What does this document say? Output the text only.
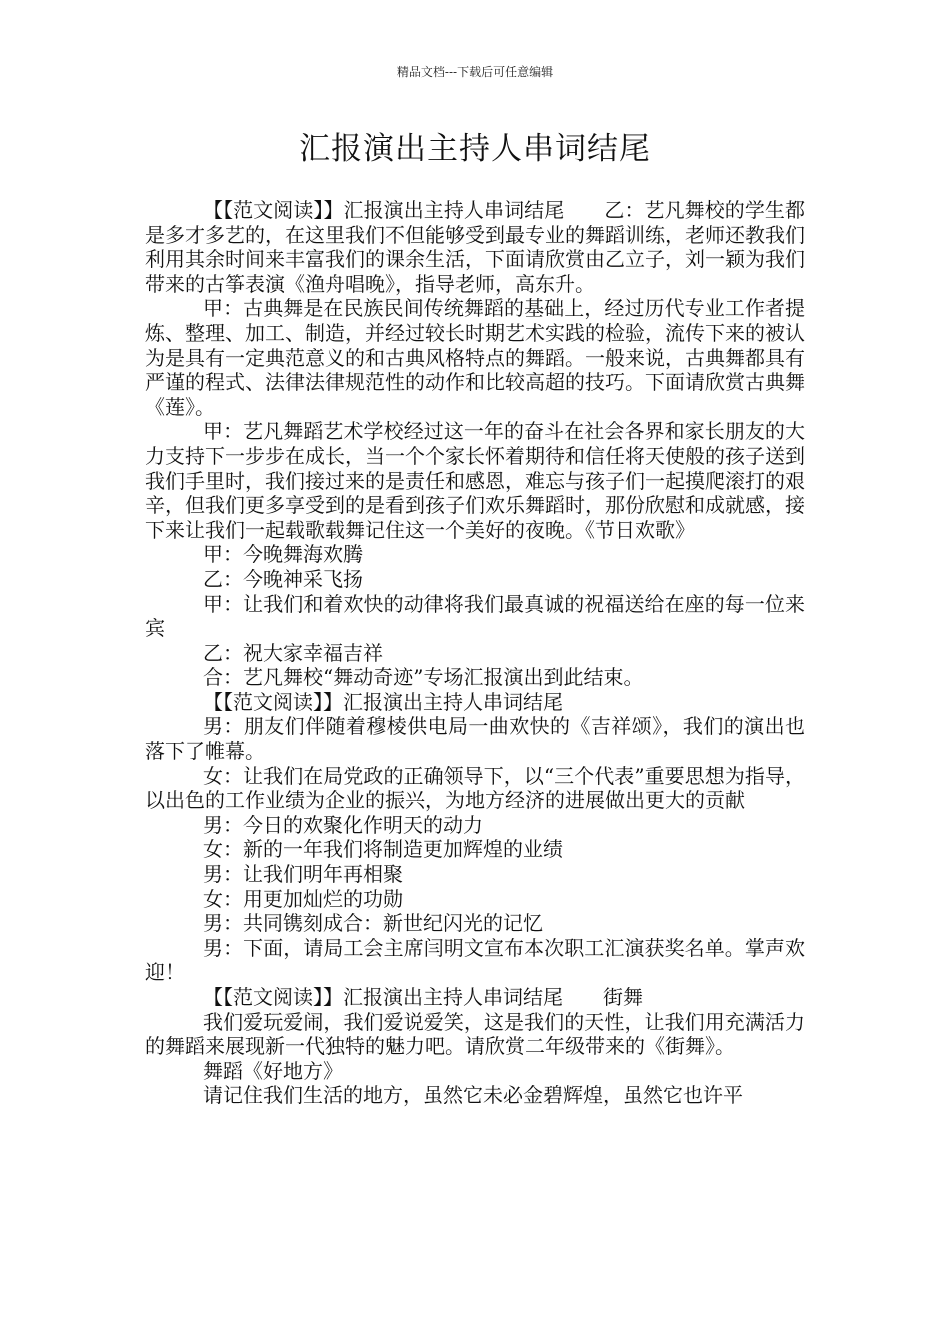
精品文档---下载后可任意编辑
汇报演出主持人串词结尾

【【范文阅读】】汇报演出主持人串词结尾　　乙：艺凡舞校的学生都是多才多艺的，在这里我们不但能够受到最专业的舞蹈训练，老师还教我们利用其余时间来丰富我们的课余生活，下面请欣赏由乙立子，刘一颖为我们带来的古筝表演《渔舟唱晚》，指导老师，高东升。

甲：古典舞是在民族民间传统舞蹈的基础上，经过历代专业工作者提炼、整理、加工、制造，并经过较长时期艺术实践的检验，流传下来的被认为是具有一定典范意义的和古典风格特点的舞蹈。一般来说，古典舞都具有严谨的程式、法律法律规范性的动作和比较高超的技巧。下面请欣赏古典舞《莲》。

甲：艺凡舞蹈艺术学校经过这一年的奋斗在社会各界和家长朋友的大力支持下一步步在成长，当一个个家长怀着期待和信任将天使般的孩子送到我们手里时，我们接过来的是责任和感恩，难忘与孩子们一起摸爬滚打的艰辛，但我们更多享受到的是看到孩子们欢乐舞蹈时，那份欣慰和成就感，接下来让我们一起载歌载舞记住这一个美好的夜晚。《节日欢歌》

甲：今晚舞海欢腾

乙：今晚神采飞扬

甲：让我们和着欢快的动律将我们最真诚的祝福送给在座的每一位来宾

乙：祝大家幸福吉祥

合：艺凡舞校“舞动奇迹”专场汇报演出到此结束。

【【范文阅读】】汇报演出主持人串词结尾

男：朋友们伴随着穆棱供电局一曲欢快的《吉祥颂》，我们的演出也落下了帷幕。

女：让我们在局党政的正确领导下，以“三个代表”重要思想为指导，以出色的工作业绩为企业的振兴，为地方经济的进展做出更大的贡献

男：今日的欢聚化作明天的动力

女：新的一年我们将制造更加辉煌的业绩

男：让我们明年再相聚

女：用更加灿烂的功勋

男：共同镌刻成合：新世纪闪光的记忆

男：下面，请局工会主席闫明文宣布本次职工汇演获奖名单。掌声欢迎！

【【范文阅读】】汇报演出主持人串词结尾　　街舞

我们爱玩爱闹，我们爱说爱笑，这是我们的天性，让我们用充满活力的舞蹈来展现新一代独特的魅力吧。请欣赏二年级带来的《街舞》。

舞蹈《好地方》

请记住我们生活的地方，虽然它未必金碧辉煌，虽然它也许平
